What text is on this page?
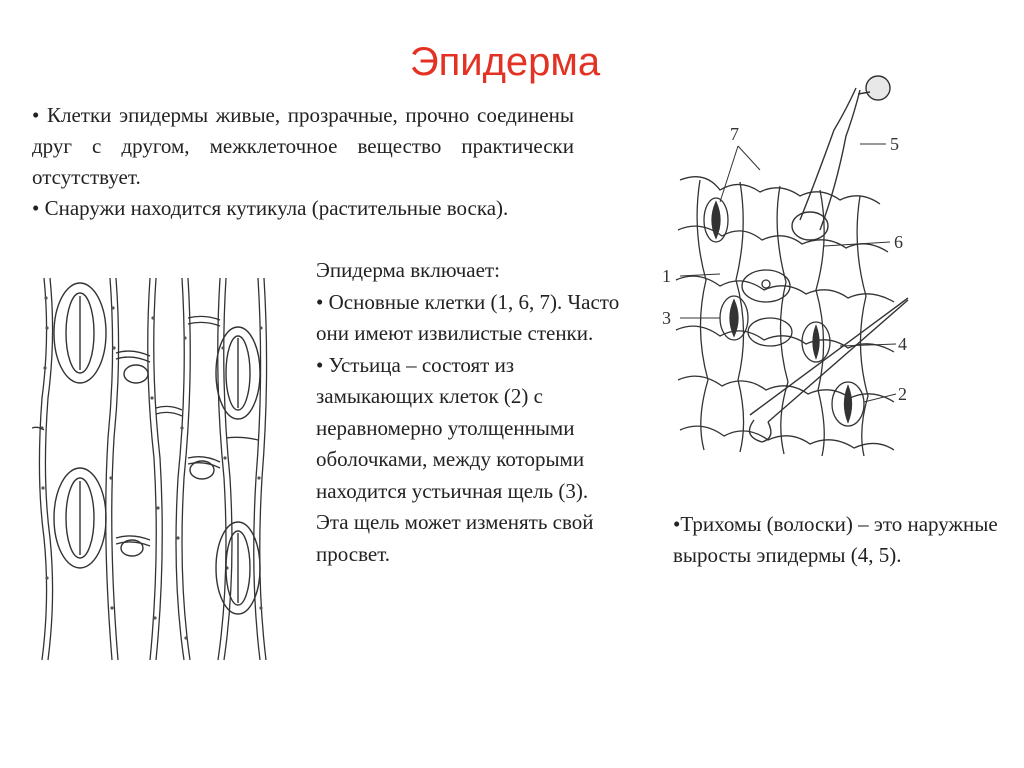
Эпидерма

• Клетки эпидермы живые, прозрачные, прочно соединены друг с другом, межклеточное вещество практически отсутствует.

• Снаружи находится кутикула (растительные воска).

Эпидерма включает:

• Основные клетки (1, 6, 7). Часто они имеют извилистые стенки.

• Устьица – состоят из замыкающих клеток (2) с неравномерно утолщенными оболочками, между которыми находится устьичная щель (3). Эта щель может изменять свой просвет.

7	5
6
1
3
4
2

•Трихомы (волоски) – это наружные выросты эпидермы (4, 5).
